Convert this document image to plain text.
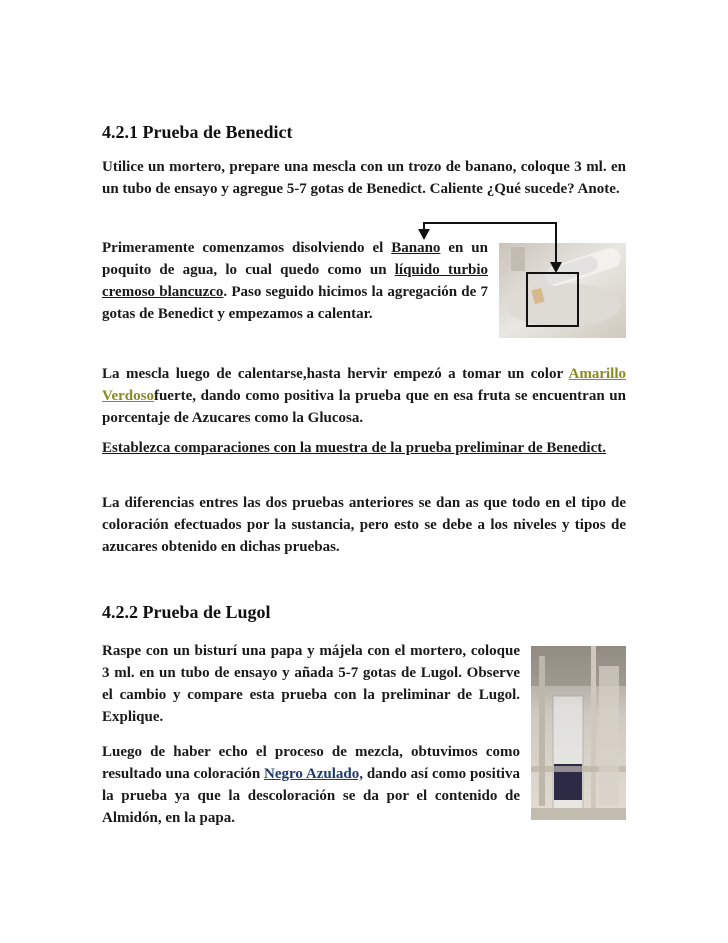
4.2.1 Prueba de Benedict
Utilice un mortero, prepare una mescla con un trozo de banano, coloque 3 ml. en un tubo de ensayo y agregue 5-7 gotas de Benedict. Caliente ¿Qué sucede? Anote.
Primeramente comenzamos disolviendo el Banano en un poquito de agua, lo cual quedo como un líquido turbio cremoso blancuzco. Paso seguido hicimos la agregación de 7 gotas de Benedict y empezamos a calentar.
La mescla luego de calentarse,hasta hervir empezó a tomar un color Amarillo Verdosofuerte, dando como positiva la prueba que en esa fruta se encuentran un porcentaje de Azucares como la Glucosa.
Establezca comparaciones con la muestra de la prueba preliminar de Benedict.
La diferencias entres las dos pruebas anteriores se dan as que todo en el tipo de coloración efectuados por la sustancia, pero esto se debe a los niveles y tipos de azucares obtenido en dichas pruebas.
4.2.2 Prueba de Lugol
Raspe con un bisturí una papa y májela con el mortero, coloque 3 ml. en un tubo de ensayo y añada 5-7 gotas de Lugol. Observe el cambio y compare esta prueba con la preliminar de Lugol. Explique.
Luego de haber echo el proceso de mezcla, obtuvimos como resultado una coloración Negro Azulado, dando así como positiva la prueba ya que la descoloración se da por el contenido de Almidón, en la papa.
